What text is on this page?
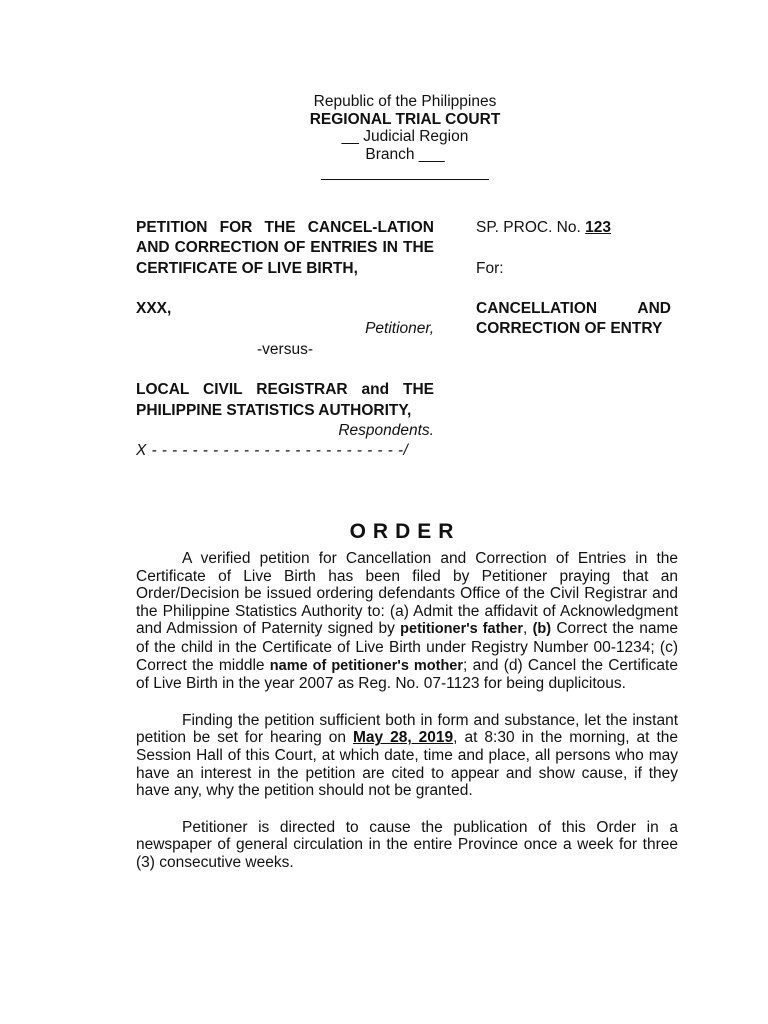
Republic of the Philippines
REGIONAL TRIAL COURT
__ Judicial Region
Branch ___
PETITION FOR THE CANCEL-LATION AND CORRECTION OF ENTRIES IN THE CERTIFICATE OF LIVE BIRTH,
XXX,
Petitioner,
-versus-
LOCAL CIVIL REGISTRAR and THE PHILIPPINE STATISTICS AUTHORITY,
Respondents.
X - - - - - - - - - - - - - - - - - - - - - - - - -/
SP. PROC. No. 123
For:
CANCELLATION AND CORRECTION OF ENTRY
ORDER

A verified petition for Cancellation and Correction of Entries in the Certificate of Live Birth has been filed by Petitioner praying that an Order/Decision be issued ordering defendants Office of the Civil Registrar and the Philippine Statistics Authority to: (a) Admit the affidavit of Acknowledgment and Admission of Paternity signed by petitioner's father, (b) Correct the name of the child in the Certificate of Live Birth under Registry Number 00-1234; (c) Correct the middle name of petitioner's mother; and (d) Cancel the Certificate of Live Birth in the year 2007 as Reg. No. 07-1123 for being duplicitous.

Finding the petition sufficient both in form and substance, let the instant petition be set for hearing on May 28, 2019, at 8:30 in the morning, at the Session Hall of this Court, at which date, time and place, all persons who may have an interest in the petition are cited to appear and show cause, if they have any, why the petition should not be granted.

Petitioner is directed to cause the publication of this Order in a newspaper of general circulation in the entire Province once a week for three (3) consecutive weeks.
